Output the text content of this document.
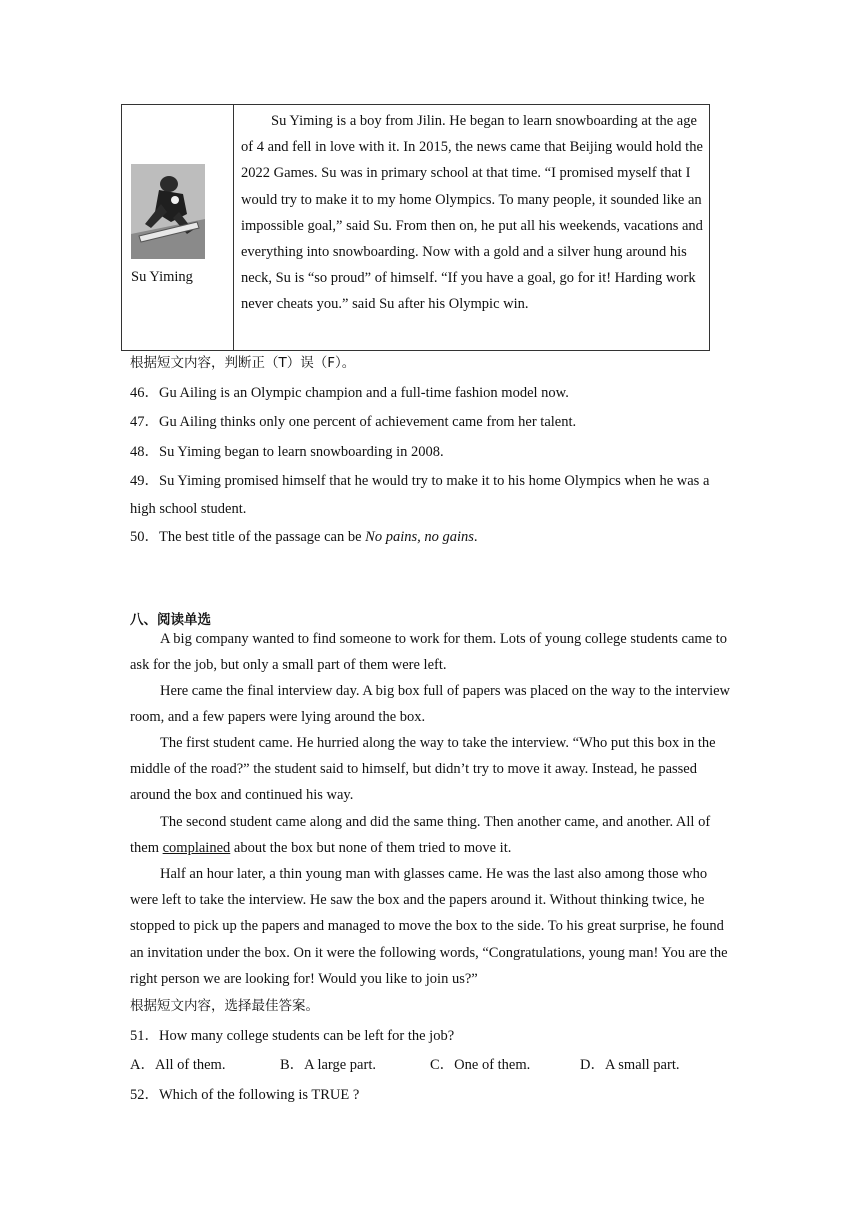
Su Yiming

Su Yiming is a boy from Jilin. He began to learn snowboarding at the age of 4 and fell in love with it. In 2015, the news came that Beijing would hold the 2022 Games. Su was in primary school at that time. “I promised myself that I would try to make it to my home Olympics. To many people, it sounded like an impossible goal,” said Su. From then on, he put all his weekends, vacations and everything into snowboarding. Now with a gold and a silver hung around his neck, Su is “so proud” of himself. “If you have a goal, go for it! Harding work never cheats you.” said Su after his Olympic win.

根据短文内容，判断正（T）误（F）。
46．Gu Ailing is an Olympic champion and a full-time fashion model now.
47．Gu Ailing thinks only one percent of achievement came from her talent.
48．Su Yiming began to learn snowboarding in 2008.

49．Su Yiming promised himself that he would try to make it to his home Olympics when he was a high school student.

50．The best title of the passage can be No pains, no gains.
八、阅读单选

A big company wanted to find someone to work for them. Lots of young college students came to ask for the job, but only a small part of them were left.

Here came the final interview day. A big box full of papers was placed on the way to the interview room, and a few papers were lying around the box.

The first student came. He hurried along the way to take the interview. “Who put this box in the middle of the road?” the student said to himself, but didn’t try to move it away. Instead, he passed around the box and continued his way.

The second student came along and did the same thing. Then another came, and another. All of them complained about the box but none of them tried to move it.

Half an hour later, a thin young man with glasses came. He was the last also among those who were left to take the interview. He saw the box and the papers around it. Without thinking twice, he stopped to pick up the papers and managed to move the box to the side. To his great surprise, he found an invitation under the box. On it were the following words, “Congratulations, young man! You are the right person we are looking for! Would you like to join us?”

根据短文内容，选择最佳答案。
51．How many college students can be left for the job?
A．All of them.	B．A large part.	C．One of them.	D．A small part.
52．Which of the following is TRUE ?
